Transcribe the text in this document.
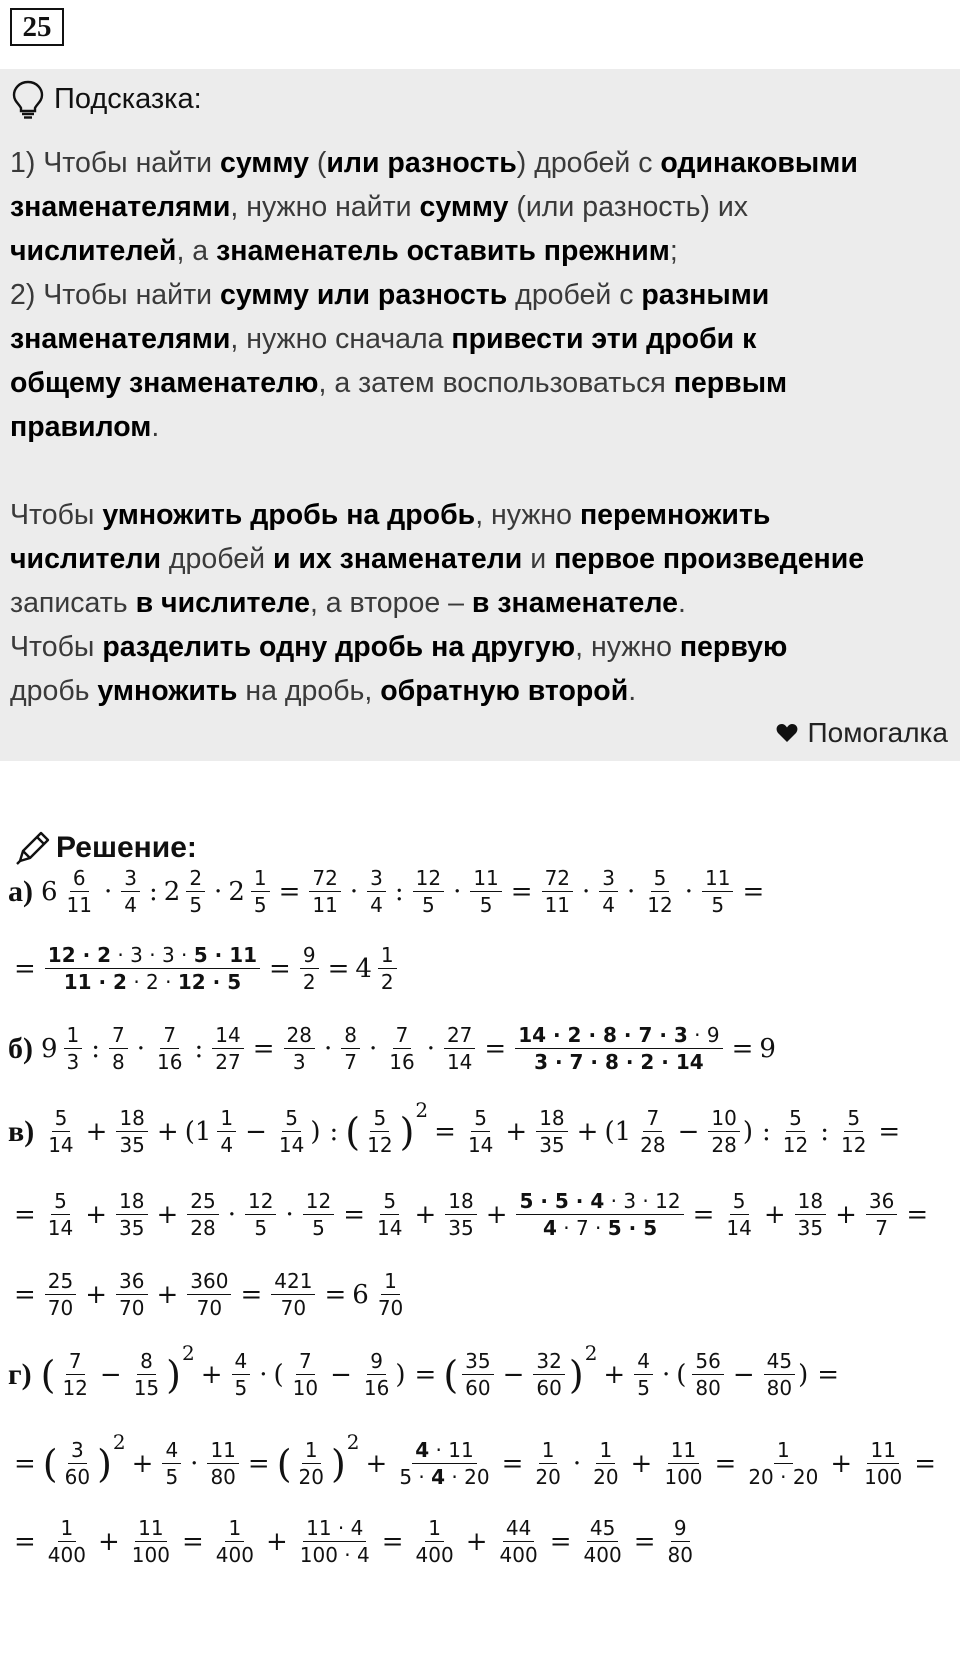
25
Подсказка:
1) Чтобы найти сумму (или разность) дробей с одинаковыми
знаменателями, нужно найти сумму (или разность) их
числителей, а знаменатель оставить прежним;
2) Чтобы найти сумму или разность дробей с разными
знаменателями, нужно сначала привести эти дроби к
общему знаменателю, а затем воспользоваться первым
правилом.
Чтобы умножить дробь на дробь, нужно перемножить
числители дробей и их знаменатели и первое произведение
записать в числителе, а второе – в знаменателе.
Чтобы разделить одну дробь на другую, нужно первую
дробь умножить на дробь, обратную второй.
Помогалка
Решение:
а) $6 \frac{6}{11} \cdot \frac{3}{4}$ : $2 \frac{2}{5} \cdot 2 \frac{1}{5} = \frac{72}{11} \cdot \frac{3}{4}$ : $\frac{12}{5} \cdot \frac{11}{5} = \frac{72}{11} \cdot \frac{3}{4} \cdot \frac{5}{12} \cdot \frac{11}{5}$ =
= $\frac{12 \cdot 2 \cdot 3 \cdot 3 \cdot 5 \cdot 11}{11 \cdot 2 \cdot 2 \cdot 12 \cdot 5} = \frac{9}{2} = 4 \frac{1}{2}$
б) $9 \frac{1}{3}$ : $\frac{7}{8} \cdot \frac{7}{16}$ : $\frac{14}{27} = \frac{28}{3} \cdot \frac{8}{7} \cdot \frac{7}{16} \cdot \frac{27}{14} = \frac{14 \cdot 2 \cdot 8 \cdot 7 \cdot 3 \cdot 9}{3 \cdot 7 \cdot 8 \cdot 2 \cdot 14} = 9$
$в) \frac{5}{14} + \frac{18}{35} + (1 \frac{1}{4} - \frac{5}{14}$ ) : ( $\frac{5}{12}$ ) 2
= $\frac{5}{14} + \frac{18}{35} + (1 \frac{7}{28} - \frac{10}{28}$ ) : $\frac{5}{12}$ : $\frac{5}{12}$ =
= $\frac{5}{14} + \frac{18}{35} + \frac{25}{28} \cdot \frac{12}{5} \cdot \frac{12}{5} = \frac{5}{14} + \frac{18}{35} + \frac{5 \cdot 5 \cdot 4 \cdot 3 \cdot 12}{4 \cdot 7 \cdot 5 \cdot 5} = \frac{5}{14} + \frac{18}{35} + \frac{36}{7}$ =
= $\frac{25}{70} + \frac{36}{70} + \frac{360}{70} = \frac{421}{70} = 6 \frac{1}{70}$
г) ( $\frac{7}{12} - \frac{8}{15}$ ) 2
+ $\frac{4}{5}$ · ( $\frac{7}{10} - \frac{9}{16}$ ) = ( $\frac{35}{60} - \frac{32}{60}$ ) 2
+ $\frac{4}{5}$ · ( $\frac{56}{80} - \frac{45}{80}$ ) =
= ( $\frac{3}{60}$ ) 2
+ $\frac{4}{5} \cdot \frac{11}{80}$ = ( $\frac{1}{20}$ ) 2
+ $\frac{4 \cdot 11}{5 \cdot 4 \cdot 20} = \frac{1}{20} \cdot \frac{1}{20} + \frac{11}{100} = \frac{1}{20 \cdot 20} + \frac{11}{100}$ =
= $\frac{1}{400} + \frac{11}{100} = \frac{1}{400} + \frac{11 \cdot 4}{100 \cdot 4} = \frac{1}{400} + \frac{44}{400} = \frac{45}{400} = \frac{9}{80}$
